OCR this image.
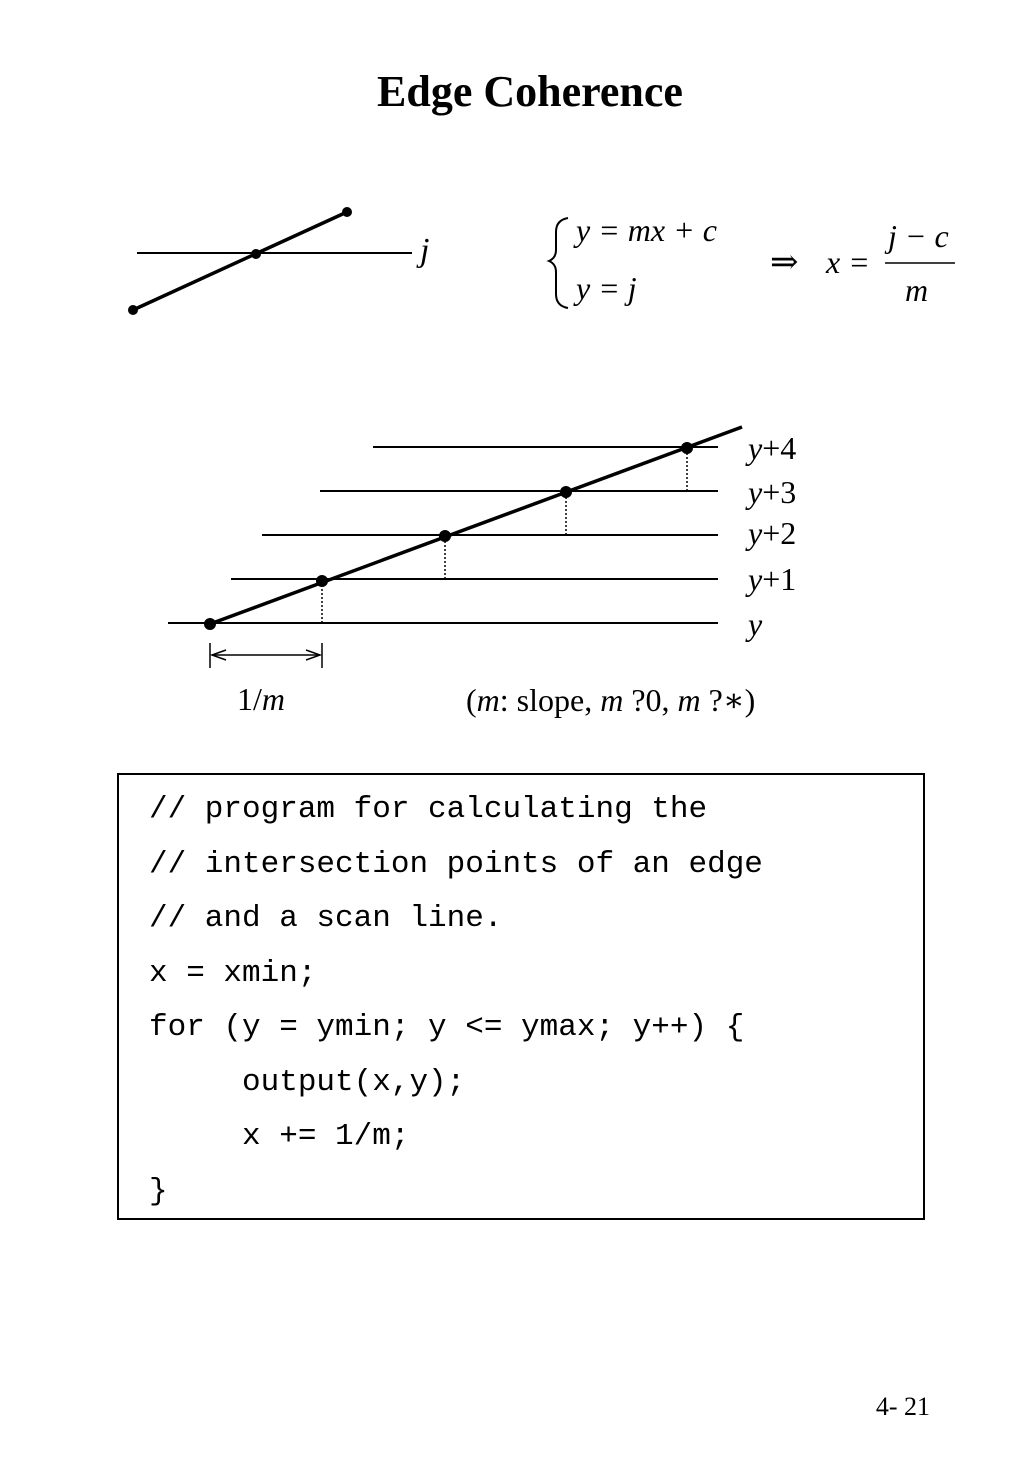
Edge Coherence
j
y = mx + c
y = j
⇒ x =
j − c
m
y+4
y+3
y+2
y+1
y
1/m	(m: slope, m ?0, m ?∗)
// program for calculating the
// intersection points of an edge
// and a scan line.
x = xmin;
for (y = ymin; y <= ymax; y++) {
output(x,y);
x += 1/m;
}
4- 21
